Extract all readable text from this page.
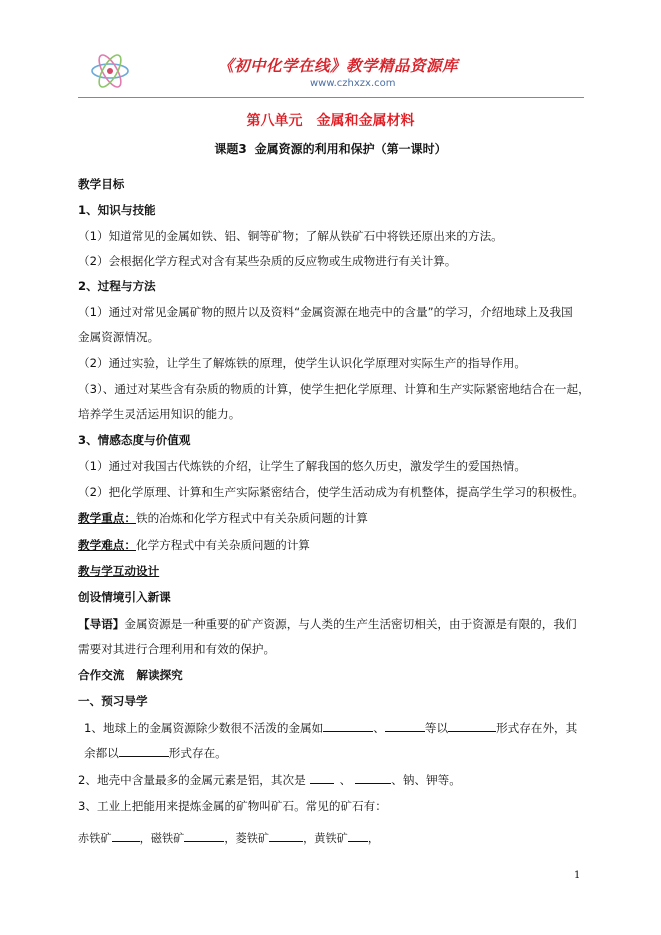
《初中化学在线》教学精品资源库
www.czhxzx.com
第八单元 金属和金属材料
课题3 金属资源的利用和保护（第一课时）
教学目标
1、知识与技能
（1）知道常见的金属如铁、铝、铜等矿物；了解从铁矿石中将铁还原出来的方法。
（2）会根据化学方程式对含有某些杂质的反应物或生成物进行有关计算。
2、过程与方法
（1）通过对常见金属矿物的照片以及资料“金属资源在地壳中的含量”的学习，介绍地球上及我国
金属资源情况。
（2）通过实验，让学生了解炼铁的原理，使学生认识化学原理对实际生产的指导作用。
（3）、通过对某些含有杂质的物质的计算，使学生把化学原理、计算和生产实际紧密地结合在一起，
培养学生灵活运用知识的能力。
3、情感态度与价值观
（1）通过对我国古代炼铁的介绍，让学生了解我国的悠久历史，激发学生的爱国热情。
（2）把化学原理、计算和生产实际紧密结合，使学生活动成为有机整体，提高学生学习的积极性。
教学重点：铁的冶炼和化学方程式中有关杂质问题的计算
教学难点：化学方程式中有关杂质问题的计算
教与学互动设计
创设情境引入新课
【导语】金属资源是一种重要的矿产资源，与人类的生产生活密切相关，由于资源是有限的，我们
需要对其进行合理利用和有效的保护。
合作交流 解读探究
一、预习导学
1、地球上的金属资源除少数很不活泼的金属如	、	等以	形式存在外，其
余都以	形式存在。
2、地壳中含量最多的金属元素是铝，其次是	、	、钠、钾等。
3、工业上把能用来提炼金属的矿物叫矿石。常见的矿石有：
赤铁矿	，磁铁矿	，菱铁矿	，黄铁矿 ，
1
